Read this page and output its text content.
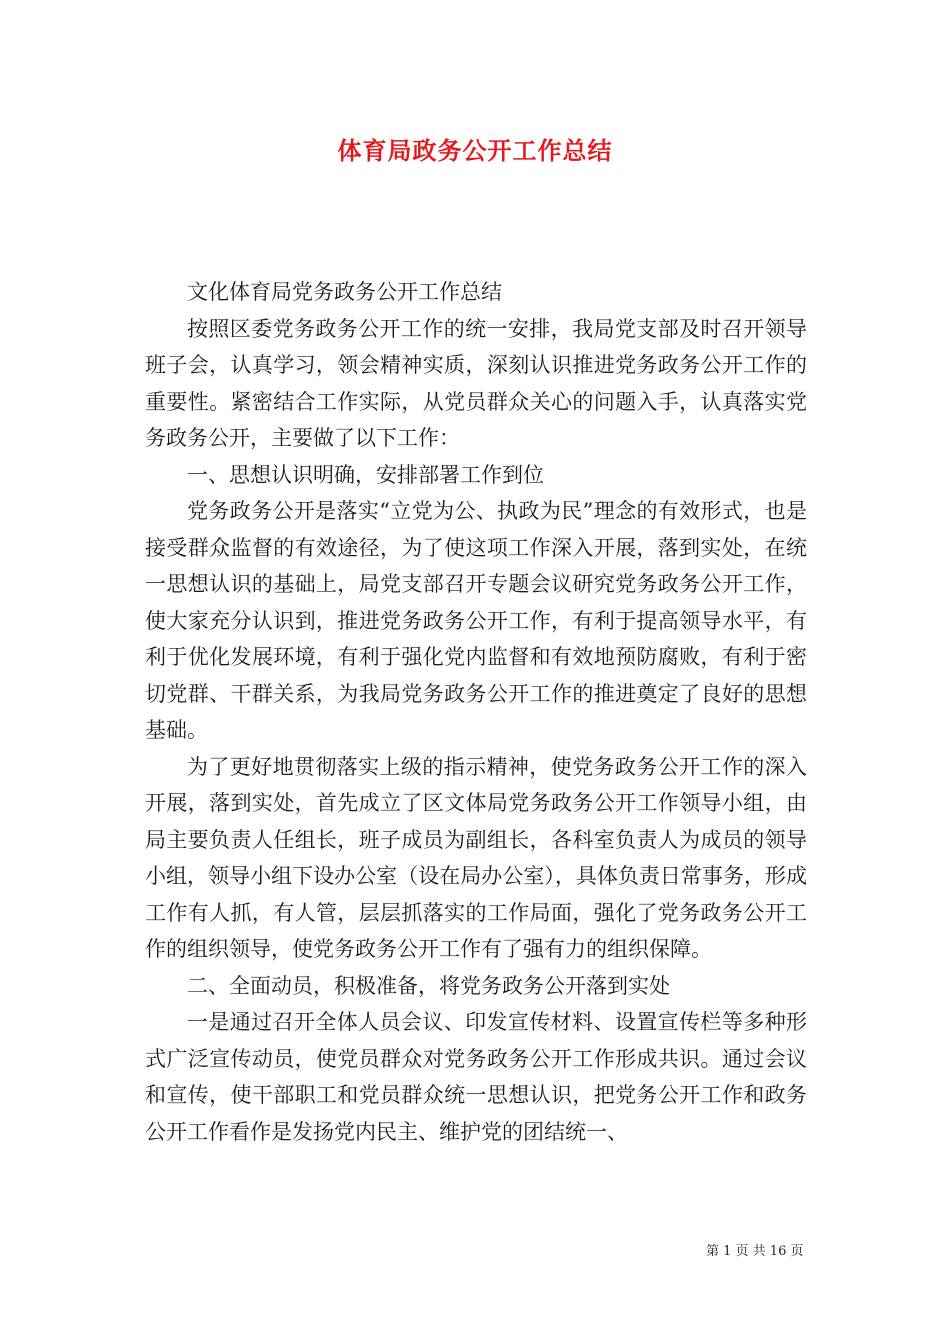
体育局政务公开工作总结

文化体育局党务政务公开工作总结

按照区委党务政务公开工作的统一安排，我局党支部及时召开领导班子会，认真学习，领会精神实质，深刻认识推进党务政务公开工作的重要性。紧密结合工作实际，从党员群众关心的问题入手，认真落实党务政务公开，主要做了以下工作：

一、思想认识明确，安排部署工作到位

党务政务公开是落实“立党为公、执政为民”理念的有效形式，也是接受群众监督的有效途径，为了使这项工作深入开展，落到实处，在统一思想认识的基础上，局党支部召开专题会议研究党务政务公开工作，使大家充分认识到，推进党务政务公开工作，有利于提高领导水平，有利于优化发展环境，有利于强化党内监督和有效地预防腐败，有利于密切党群、干群关系，为我局党务政务公开工作的推进奠定了良好的思想基础。

为了更好地贯彻落实上级的指示精神，使党务政务公开工作的深入开展，落到实处，首先成立了区文体局党务政务公开工作领导小组，由局主要负责人任组长，班子成员为副组长，各科室负责人为成员的领导小组，领导小组下设办公室（设在局办公室），具体负责日常事务，形成工作有人抓，有人管，层层抓落实的工作局面，强化了党务政务公开工作的组织领导，使党务政务公开工作有了强有力的组织保障。

二、全面动员，积极准备，将党务政务公开落到实处

一是通过召开全体人员会议、印发宣传材料、设置宣传栏等多种形式广泛宣传动员，使党员群众对党务政务公开工作形成共识。通过会议和宣传，使干部职工和党员群众统一思想认识，把党务公开工作和政务公开工作看作是发扬党内民主、维护党的团结统一、

第 1 页 共 16 页
